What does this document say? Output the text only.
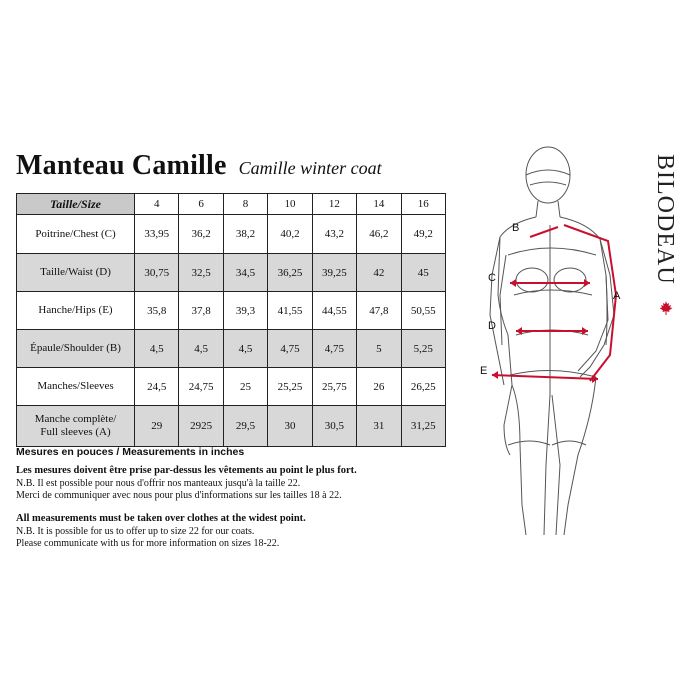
Manteau Camille Camille winter coat
Taille/Size	4	6	8	10	12	14	16
Poitrine/Chest (C)	33,95	36,2	38,2	40,2	43,2	46,2	49,2
Taille/Waist (D)	30,75	32,5	34,5	36,25	39,25	42	45
Hanche/Hips (E)	35,8	37,8	39,3	41,55	44,55	47,8	50,55
Épaule/Shoulder (B)	4,5	4,5	4,5	4,75	4,75	5	5,25
Manches/Sleeves	24,5	24,75	25	25,25	25,75	26	26,25
Manche complète/
Full sleeves (A)	29	2925	29,5	30	30,5	31	31,25
Mesures en pouces / Measurements in inches
Les mesures doivent être prise par-dessus les vêtements au point le plus fort.
N.B. Il est possible pour nous d'offrir nos manteaux jusqu'à la taille 22.
Merci de communiquer avec nous pour plus d'informations sur les tailles 18 à 22.
All measurements must be taken over clothes at the widest point.
N.B. It is possible for us to offer up to size 22 for our coats.
Please communicate with us for more information on sizes 18-22.
BILODEAU
B
A
C
D
E
